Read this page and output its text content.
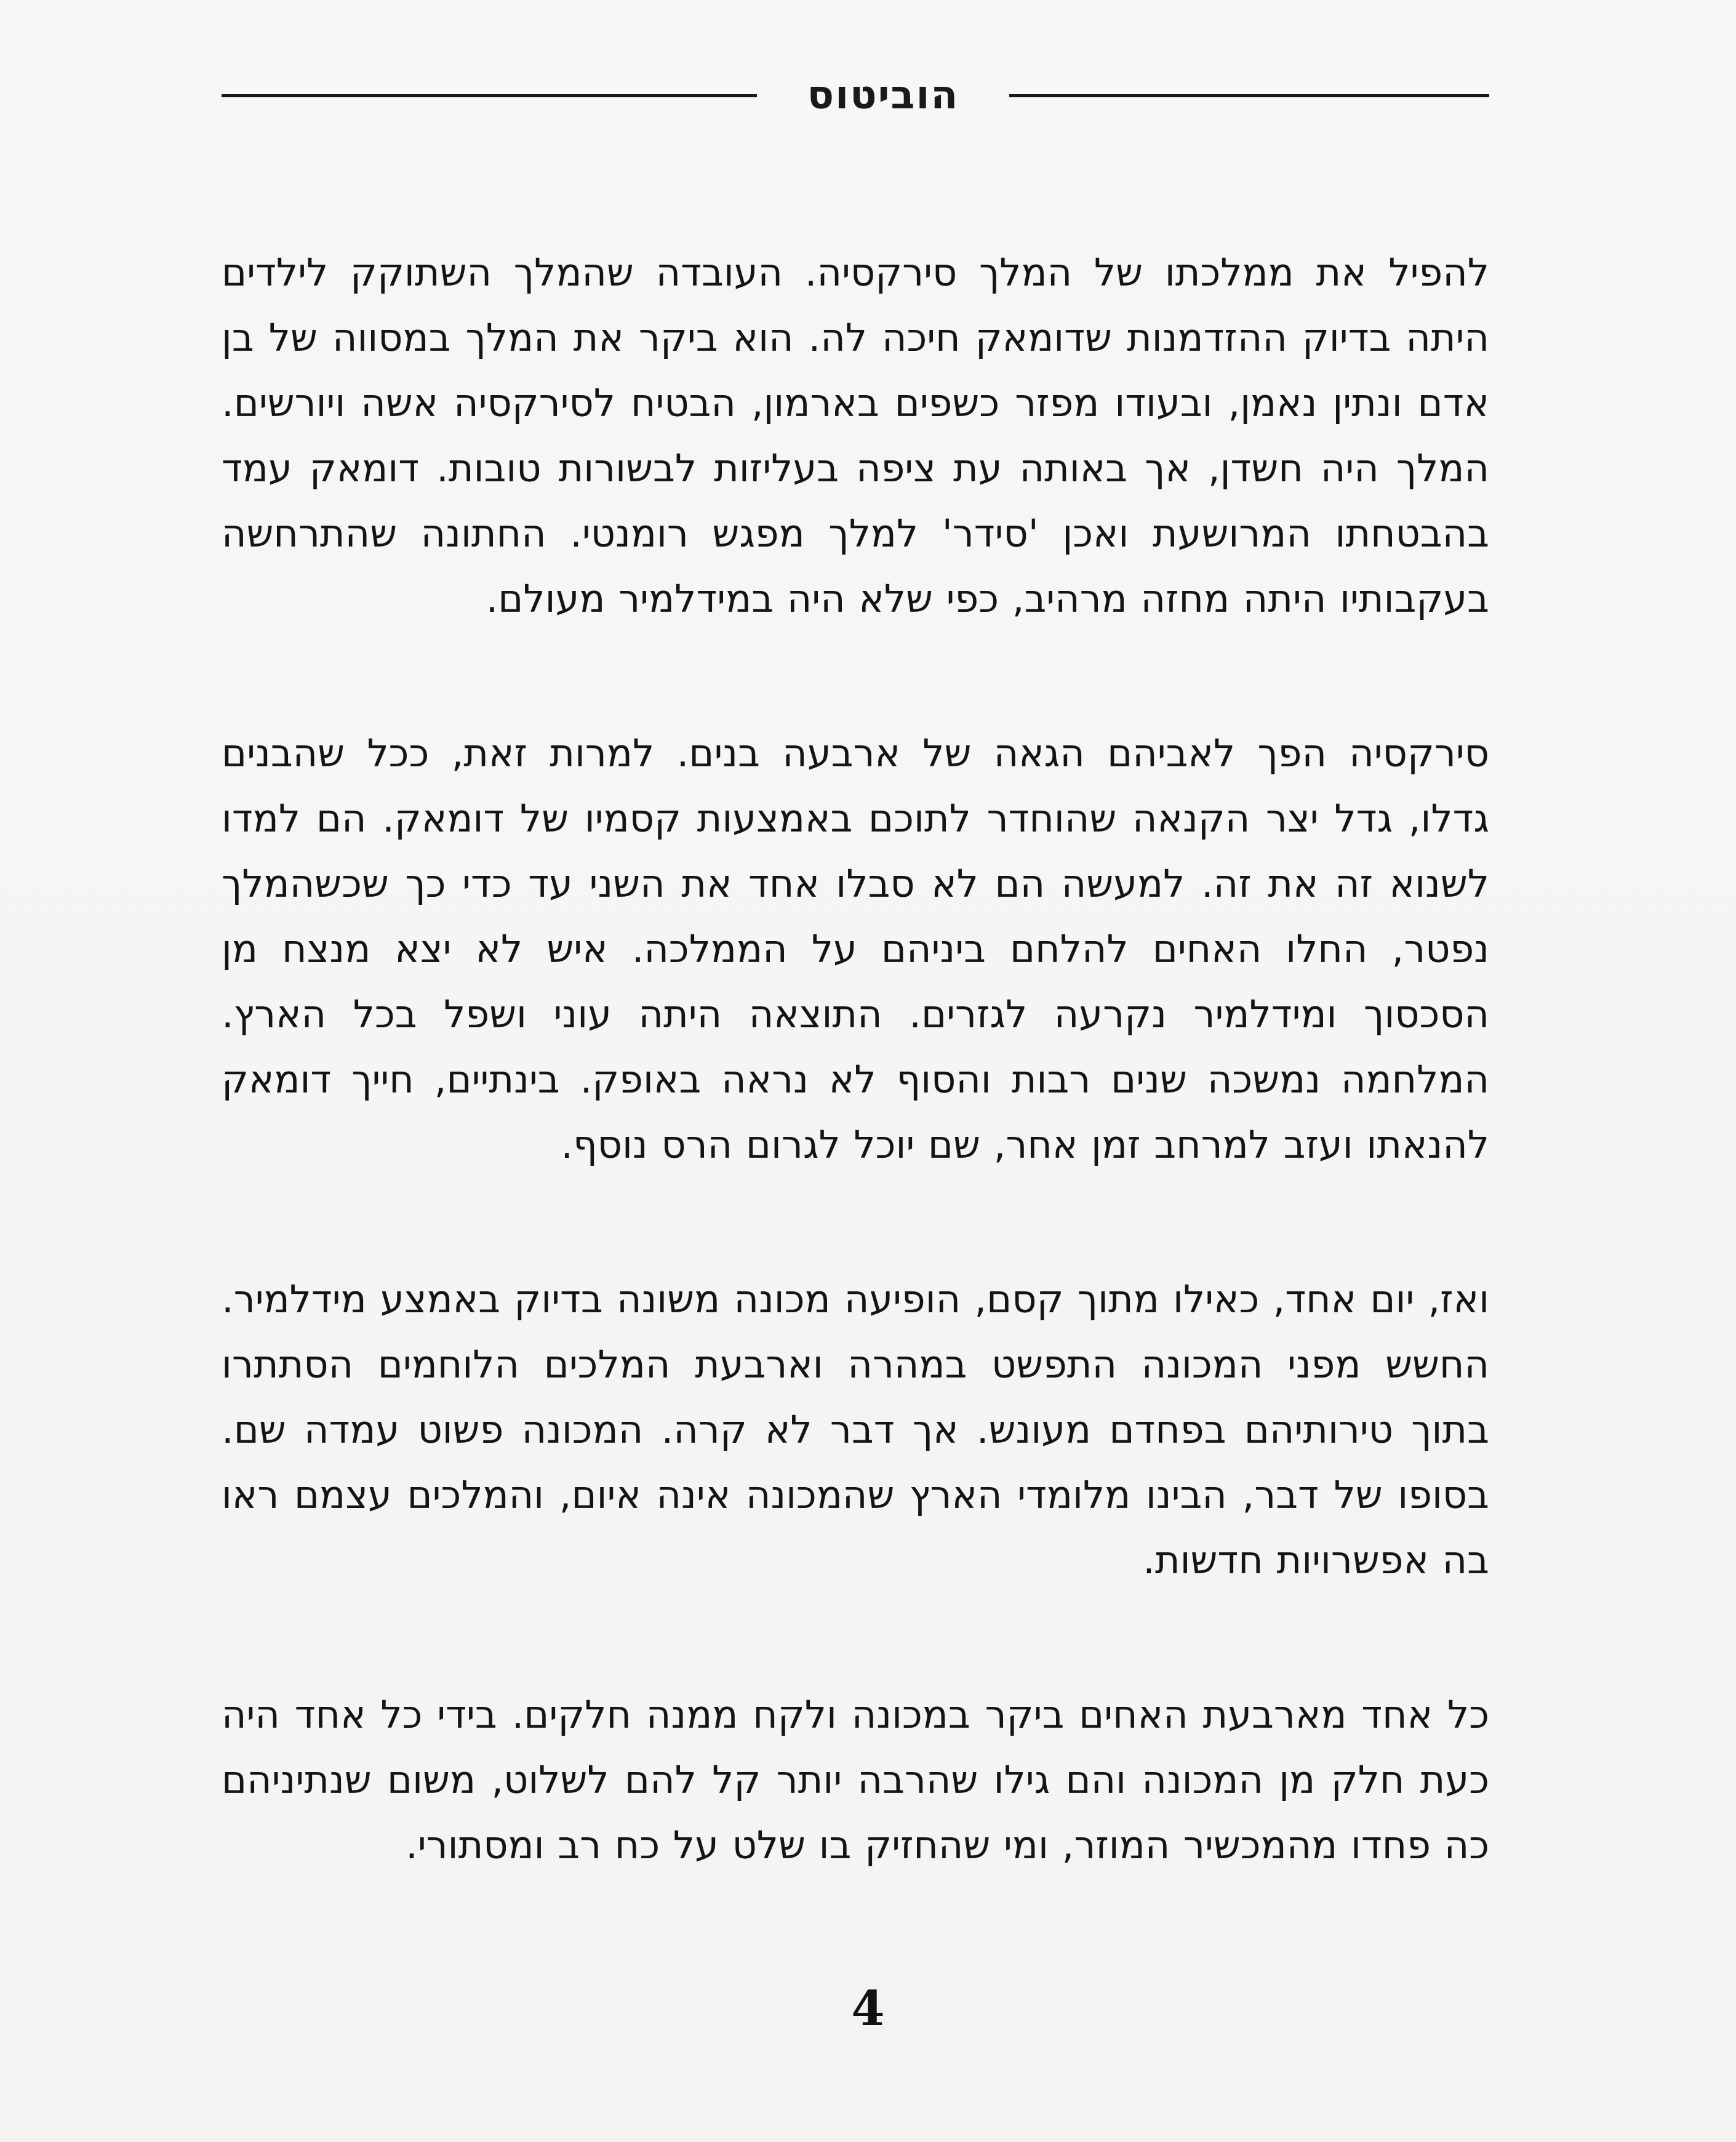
הוביטוס

להפיל את ממלכתו של המלך סירקסיה. העובדה שהמלך השתוקק לילדים היתה בדיוק ההזדמנות שדומאק חיכה לה. הוא ביקר את המלך במסווה של בן אדם ונתין נאמן, ובעודו מפזר כשפים בארמון, הבטיח לסירקסיה אשה ויורשים. המלך היה חשדן, אך באותה עת ציפה בעליזות לבשורות טובות. דומאק עמד בהבטחתו המרושעת ואכן 'סידר' למלך מפגש רומנטי. החתונה שהתרחשה בעקבותיו היתה מחזה מרהיב, כפי שלא היה במידלמיר מעולם.

סירקסיה הפך לאביהם הגאה של ארבעה בנים. למרות זאת, ככל שהבנים גדלו, גדל יצר הקנאה שהוחדר לתוכם באמצעות קסמיו של דומאק. הם למדו לשנוא זה את זה. למעשה הם לא סבלו אחד את השני עד כדי כך שכשהמלך נפטר, החלו האחים להלחם ביניהם על הממלכה. איש לא יצא מנצח מן הסכסוך ומידלמיר נקרעה לגזרים. התוצאה היתה עוני ושפל בכל הארץ. המלחמה נמשכה שנים רבות והסוף לא נראה באופק. בינתיים, חייך דומאק להנאתו ועזב למרחב זמן אחר, שם יוכל לגרום הרס נוסף.

ואז, יום אחד, כאילו מתוך קסם, הופיעה מכונה משונה בדיוק באמצע מידלמיר. החשש מפני המכונה התפשט במהרה וארבעת המלכים הלוחמים הסתתרו בתוך טירותיהם בפחדם מעונש. אך דבר לא קרה. המכונה פשוט עמדה שם. בסופו של דבר, הבינו מלומדי הארץ שהמכונה אינה איום, והמלכים עצמם ראו בה אפשרויות חדשות.

כל אחד מארבעת האחים ביקר במכונה ולקח ממנה חלקים. בידי כל אחד היה כעת חלק מן המכונה והם גילו שהרבה יותר קל להם לשלוט, משום שנתיניהם כה פחדו מהמכשיר המוזר, ומי שהחזיק בו שלט על כח רב ומסתורי.

4
